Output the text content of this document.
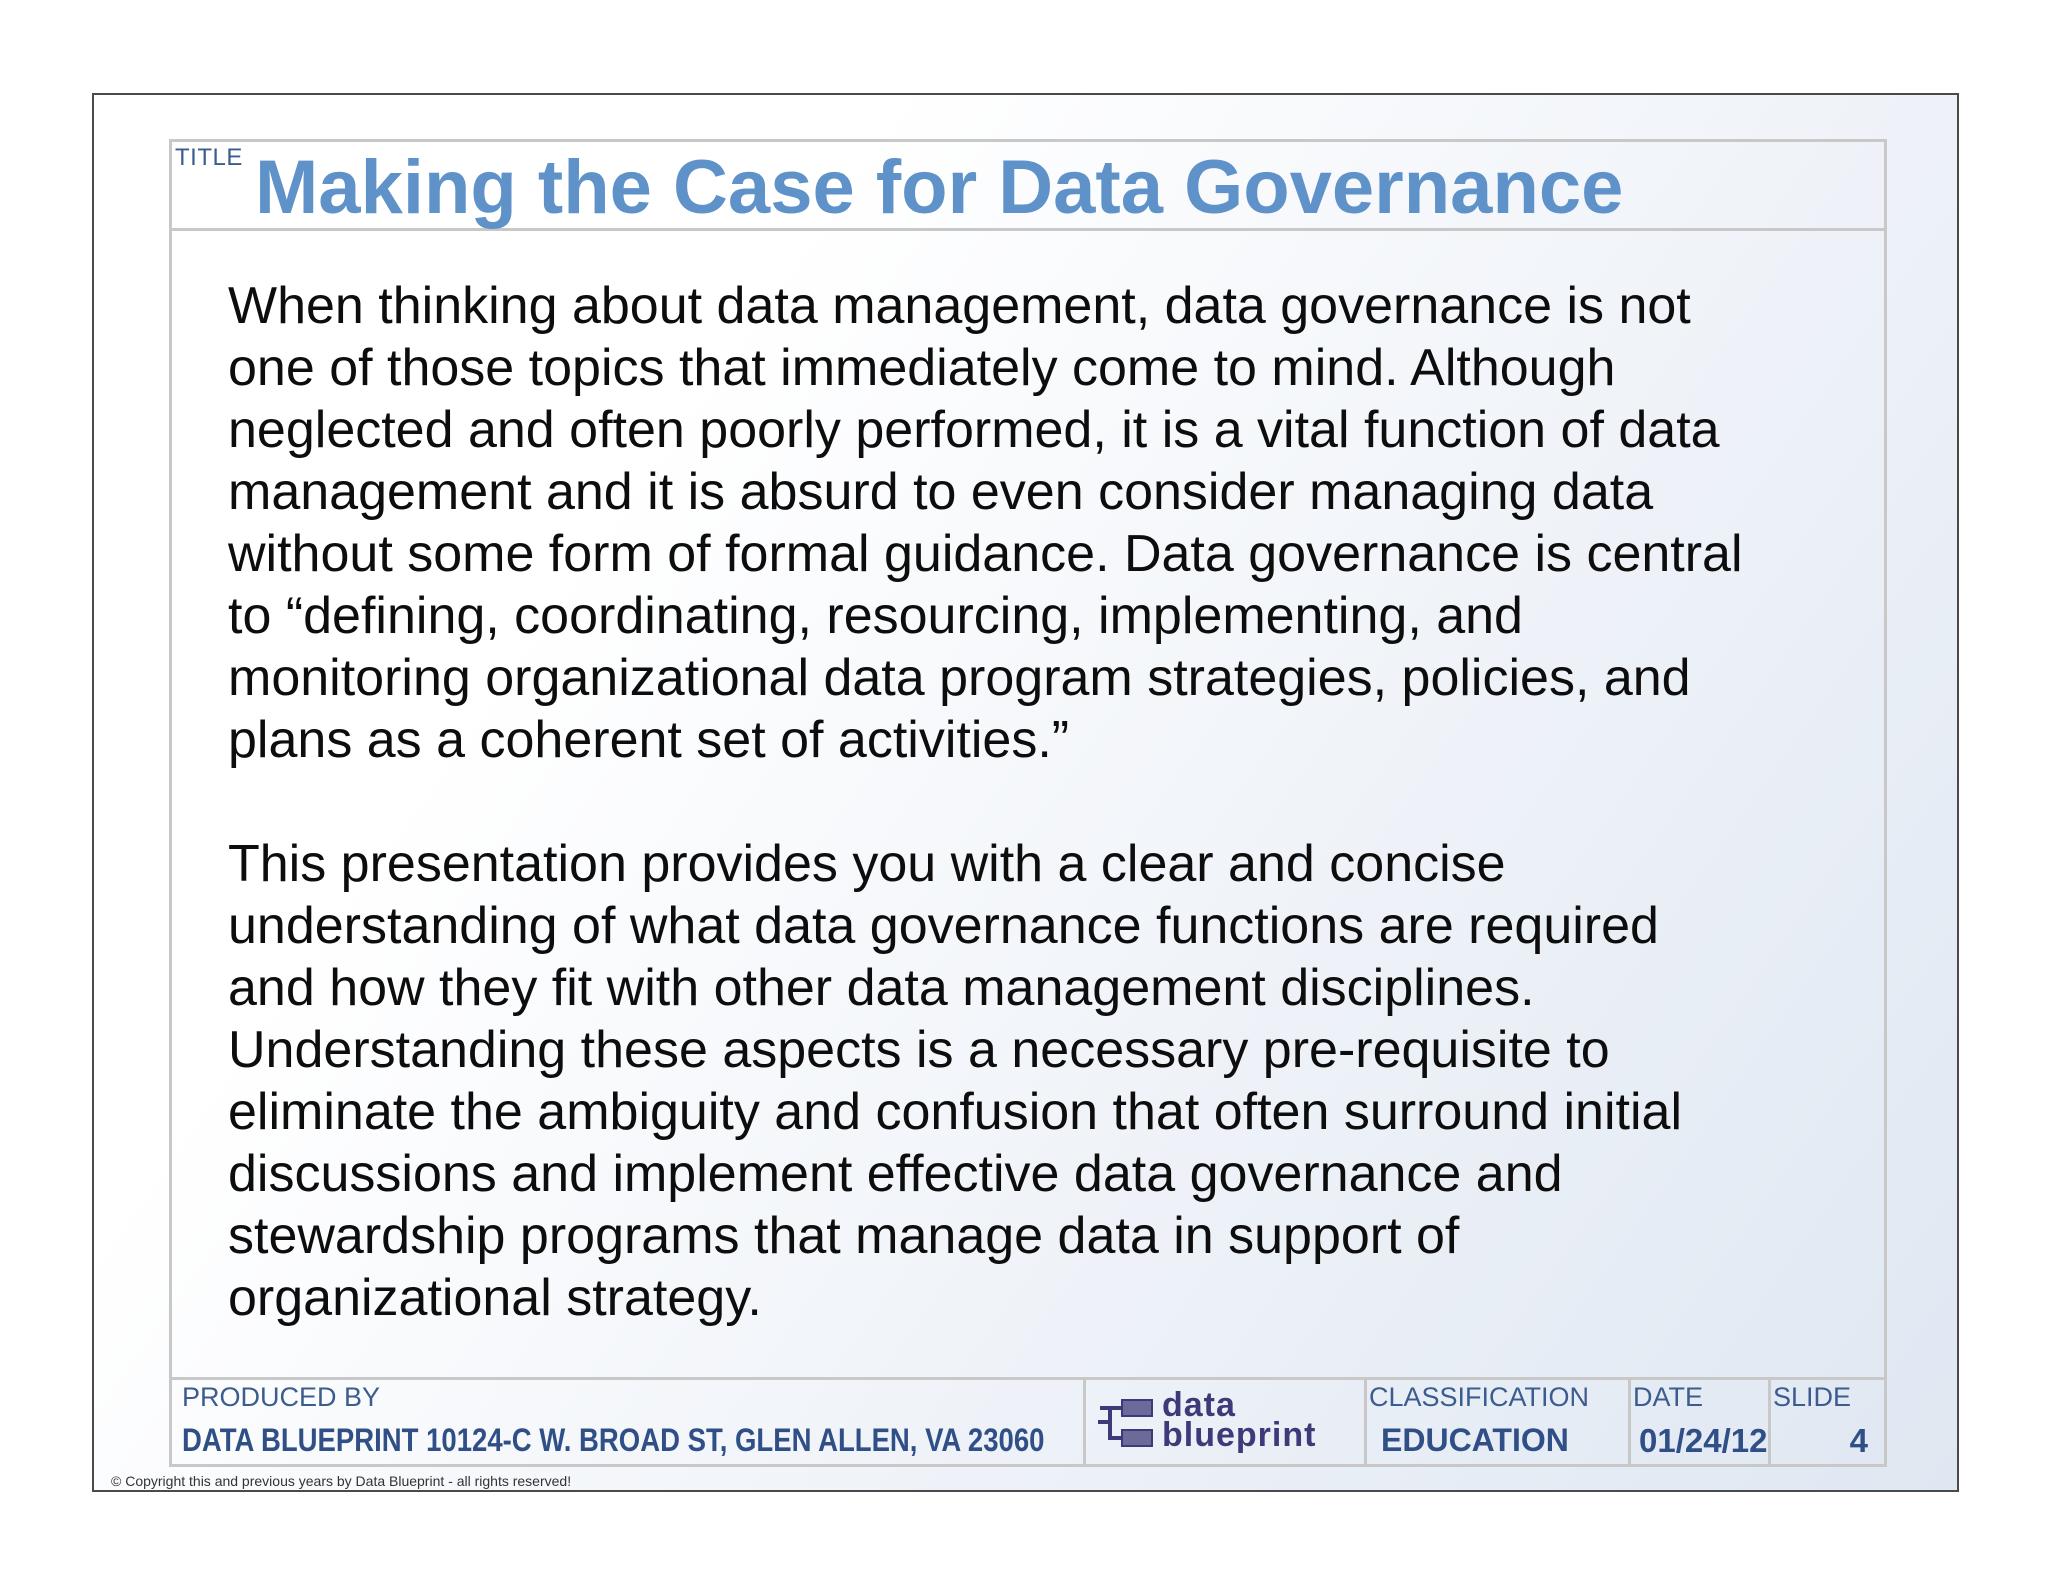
TITLE Making the Case for Data Governance

When thinking about data management, data governance is not
one of those topics that immediately come to mind. Although
neglected and often poorly performed, it is a vital function of data
management and it is absurd to even consider managing data
without some form of formal guidance. Data governance is central
to “defining, coordinating, resourcing, implementing, and
monitoring organizational data program strategies, policies, and
plans as a coherent set of activities.”

This presentation provides you with a clear and concise
understanding of what data governance functions are required
and how they fit with other data management disciplines.
Understanding these aspects is a necessary pre-requisite to
eliminate the ambiguity and confusion that often surround initial
discussions and implement effective data governance and
stewardship programs that manage data in support of
organizational strategy.

PRODUCED BY
DATA BLUEPRINT 10124-C W. BROAD ST, GLEN ALLEN, VA 23060
data
blueprint
CLASSIFICATION
EDUCATION
DATE
01/24/12
SLIDE
4
© Copyright this and previous years by Data Blueprint - all rights reserved!
